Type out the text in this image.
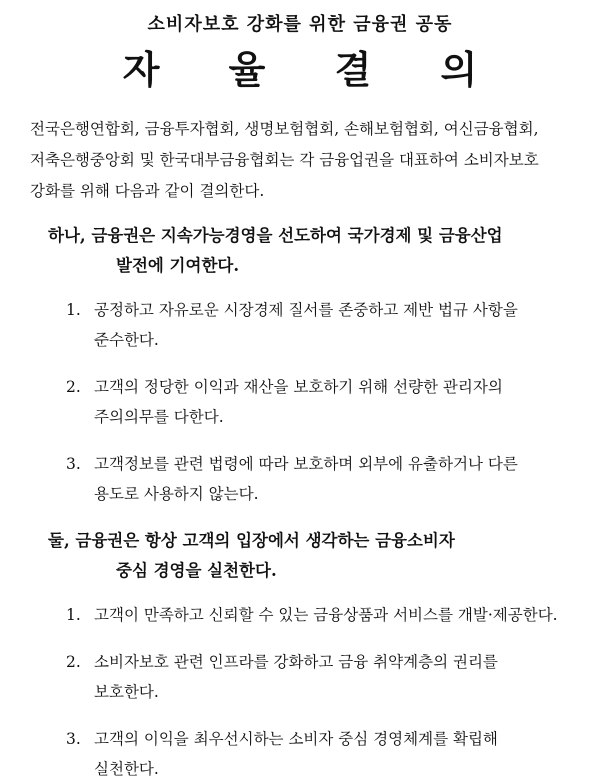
소비자보호 강화를 위한 금융권 공동
자 율 결 의
전국은행연합회, 금융투자협회, 생명보험협회, 손해보험협회, 여신금융협회, 저축은행중앙회 및 한국대부금융협회는 각 금융업권을 대표하여 소비자보호 강화를 위해 다음과 같이 결의한다.
하나, 금융권은 지속가능경영을 선도하여 국가경제 및 금융산업
발전에 기여한다.
1. 공정하고 자유로운 시장경제 질서를 존중하고 제반 법규 사항을 준수한다.
2. 고객의 정당한 이익과 재산을 보호하기 위해 선량한 관리자의 주의의무를 다한다.
3. 고객정보를 관련 법령에 따라 보호하며 외부에 유출하거나 다른 용도로 사용하지 않는다.
둘, 금융권은 항상 고객의 입장에서 생각하는 금융소비자
중심 경영을 실천한다.
1. 고객이 만족하고 신뢰할 수 있는 금융상품과 서비스를 개발·제공한다.
2. 소비자보호 관련 인프라를 강화하고 금융 취약계층의 권리를 보호한다.
3. 고객의 이익을 최우선시하는 소비자 중심 경영체계를 확립해 실천한다.
